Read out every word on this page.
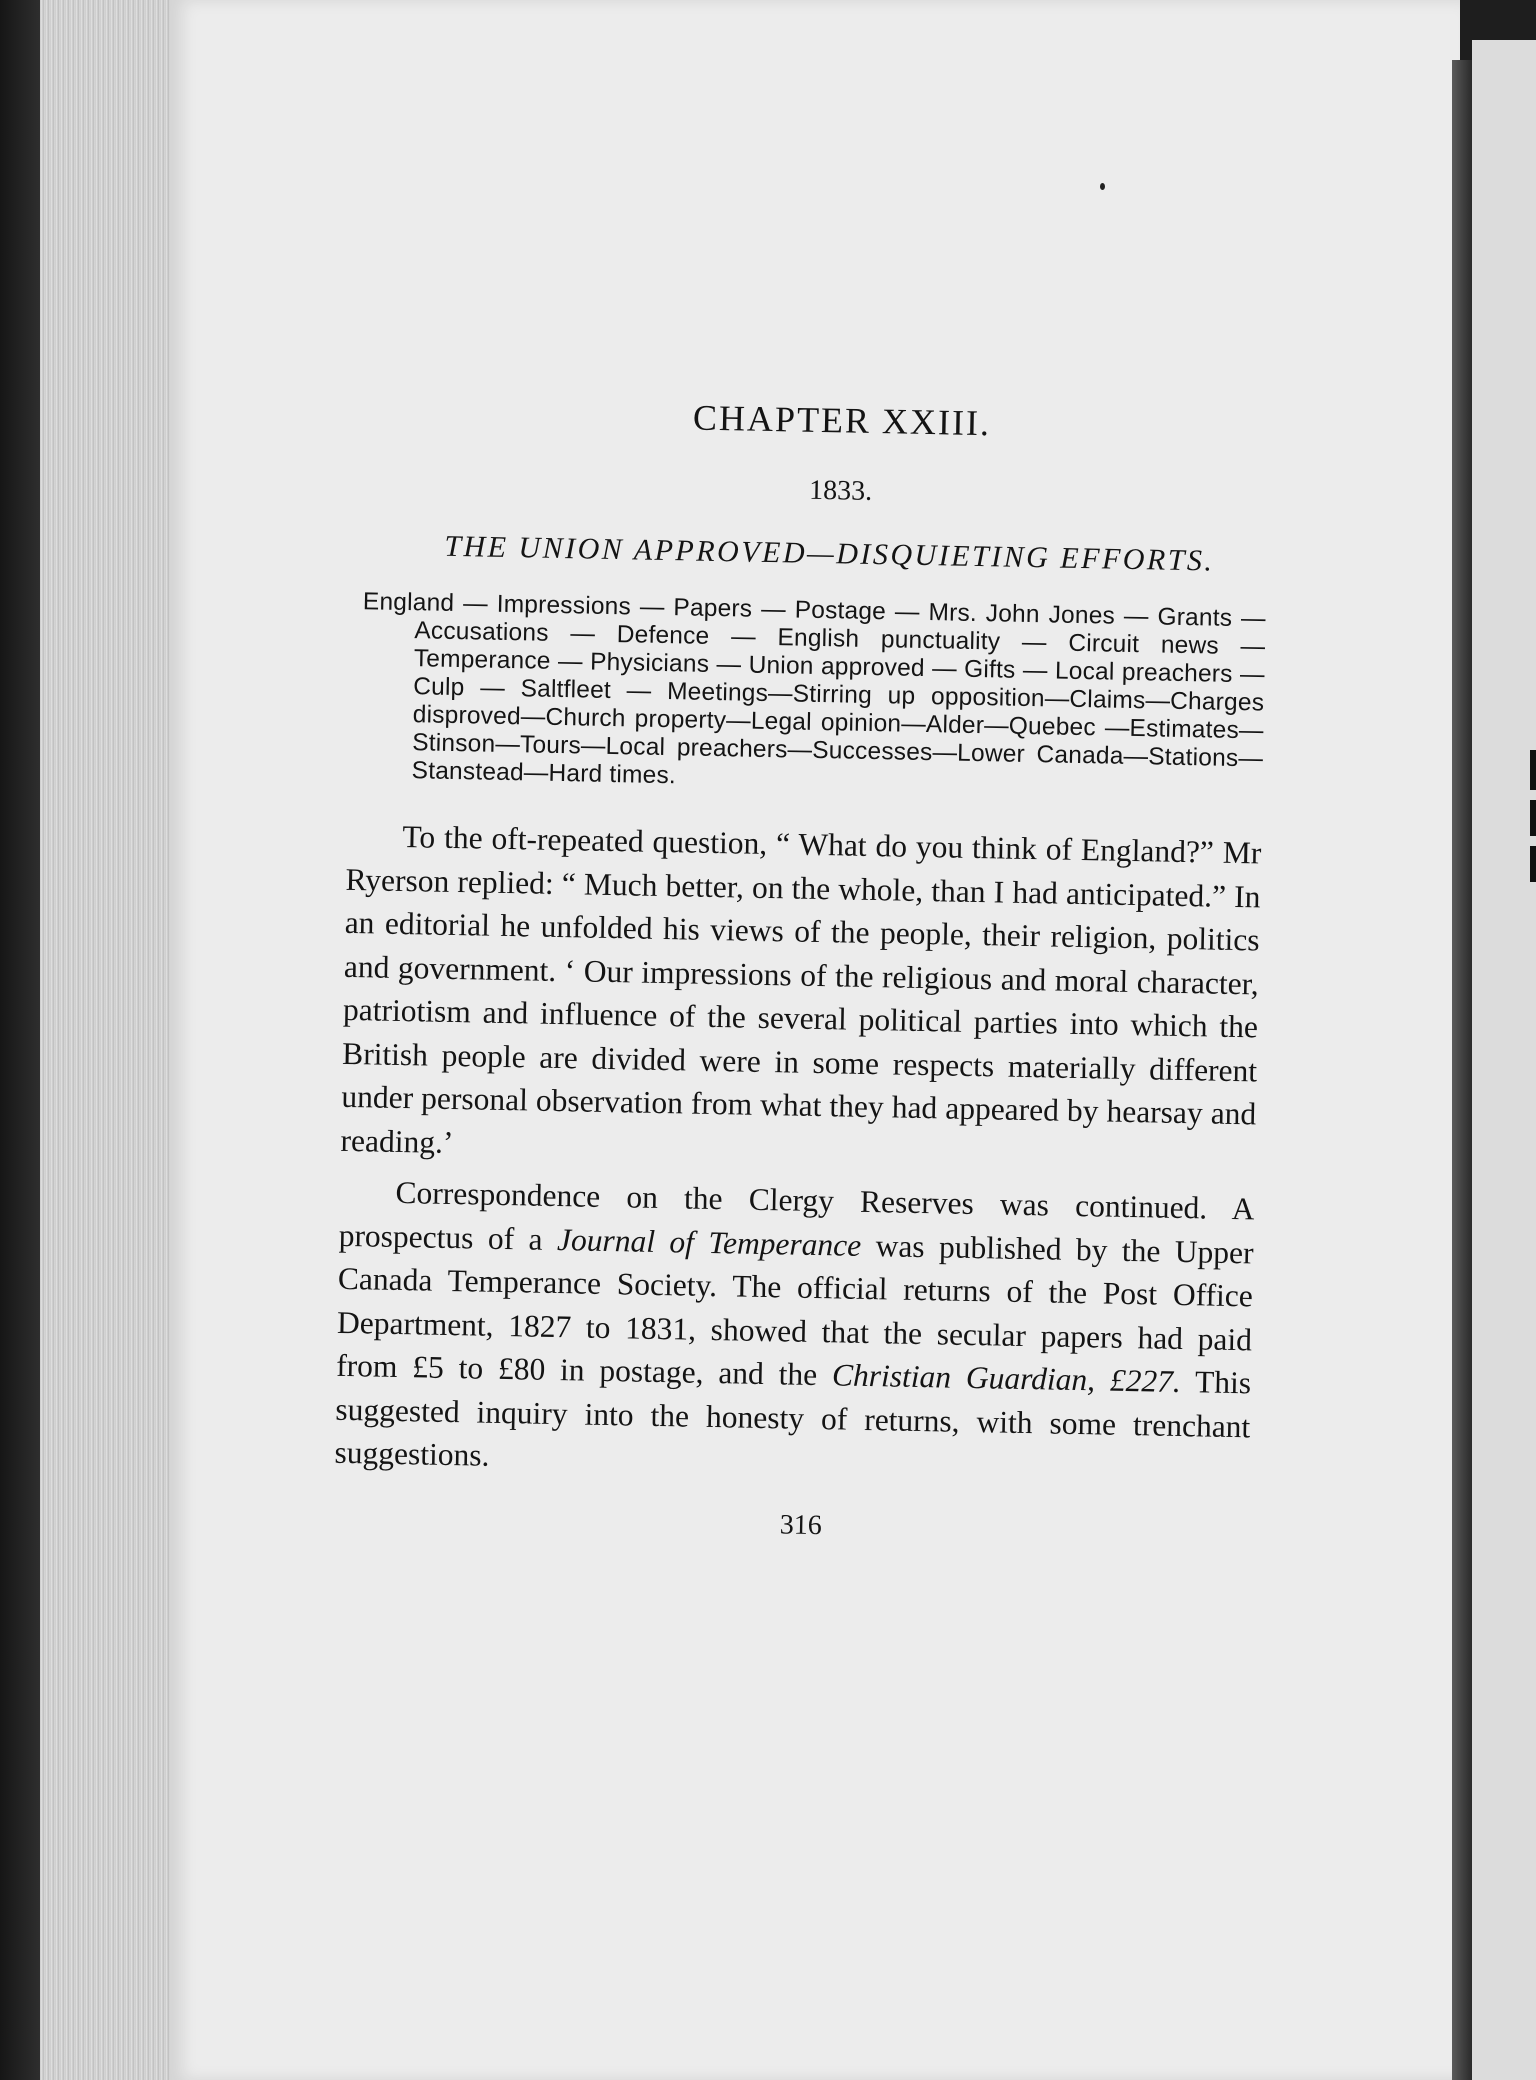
CHAPTER XXIII.
1833.
THE UNION APPROVED—DISQUIETING EFFORTS.
England — Impressions — Papers — Postage — Mrs. John Jones — Grants — Accusations — Defence — English punctuality — Circuit news — Temperance — Physicians — Union approved — Gifts — Local preachers — Culp — Saltfleet — Meetings—Stirring up opposition—Claims—Charges disproved—Church property—Legal opinion—Alder—Quebec —Estimates—Stinson—Tours—Local preachers—Successes—Lower Canada—Stations—Stanstead—Hard times.

To the oft-repeated question, “ What do you think of England?” Mr Ryerson replied: “ Much better, on the whole, than I had anticipated.” In an editorial he unfolded his views of the people, their religion, politics and government. ‘ Our impressions of the religious and moral character, patriotism and influence of the several political parties into which the British people are divided were in some respects materially different under personal observation from what they had appeared by hearsay and reading.’

Correspondence on the Clergy Reserves was continued. A prospectus of a Journal of Temperance was published by the Upper Canada Temperance Society. The official returns of the Post Office Department, 1827 to 1831, showed that the secular papers had paid from £5 to £80 in postage, and the Christian Guardian, £227. This suggested inquiry into the honesty of returns, with some trenchant suggestions.

316
